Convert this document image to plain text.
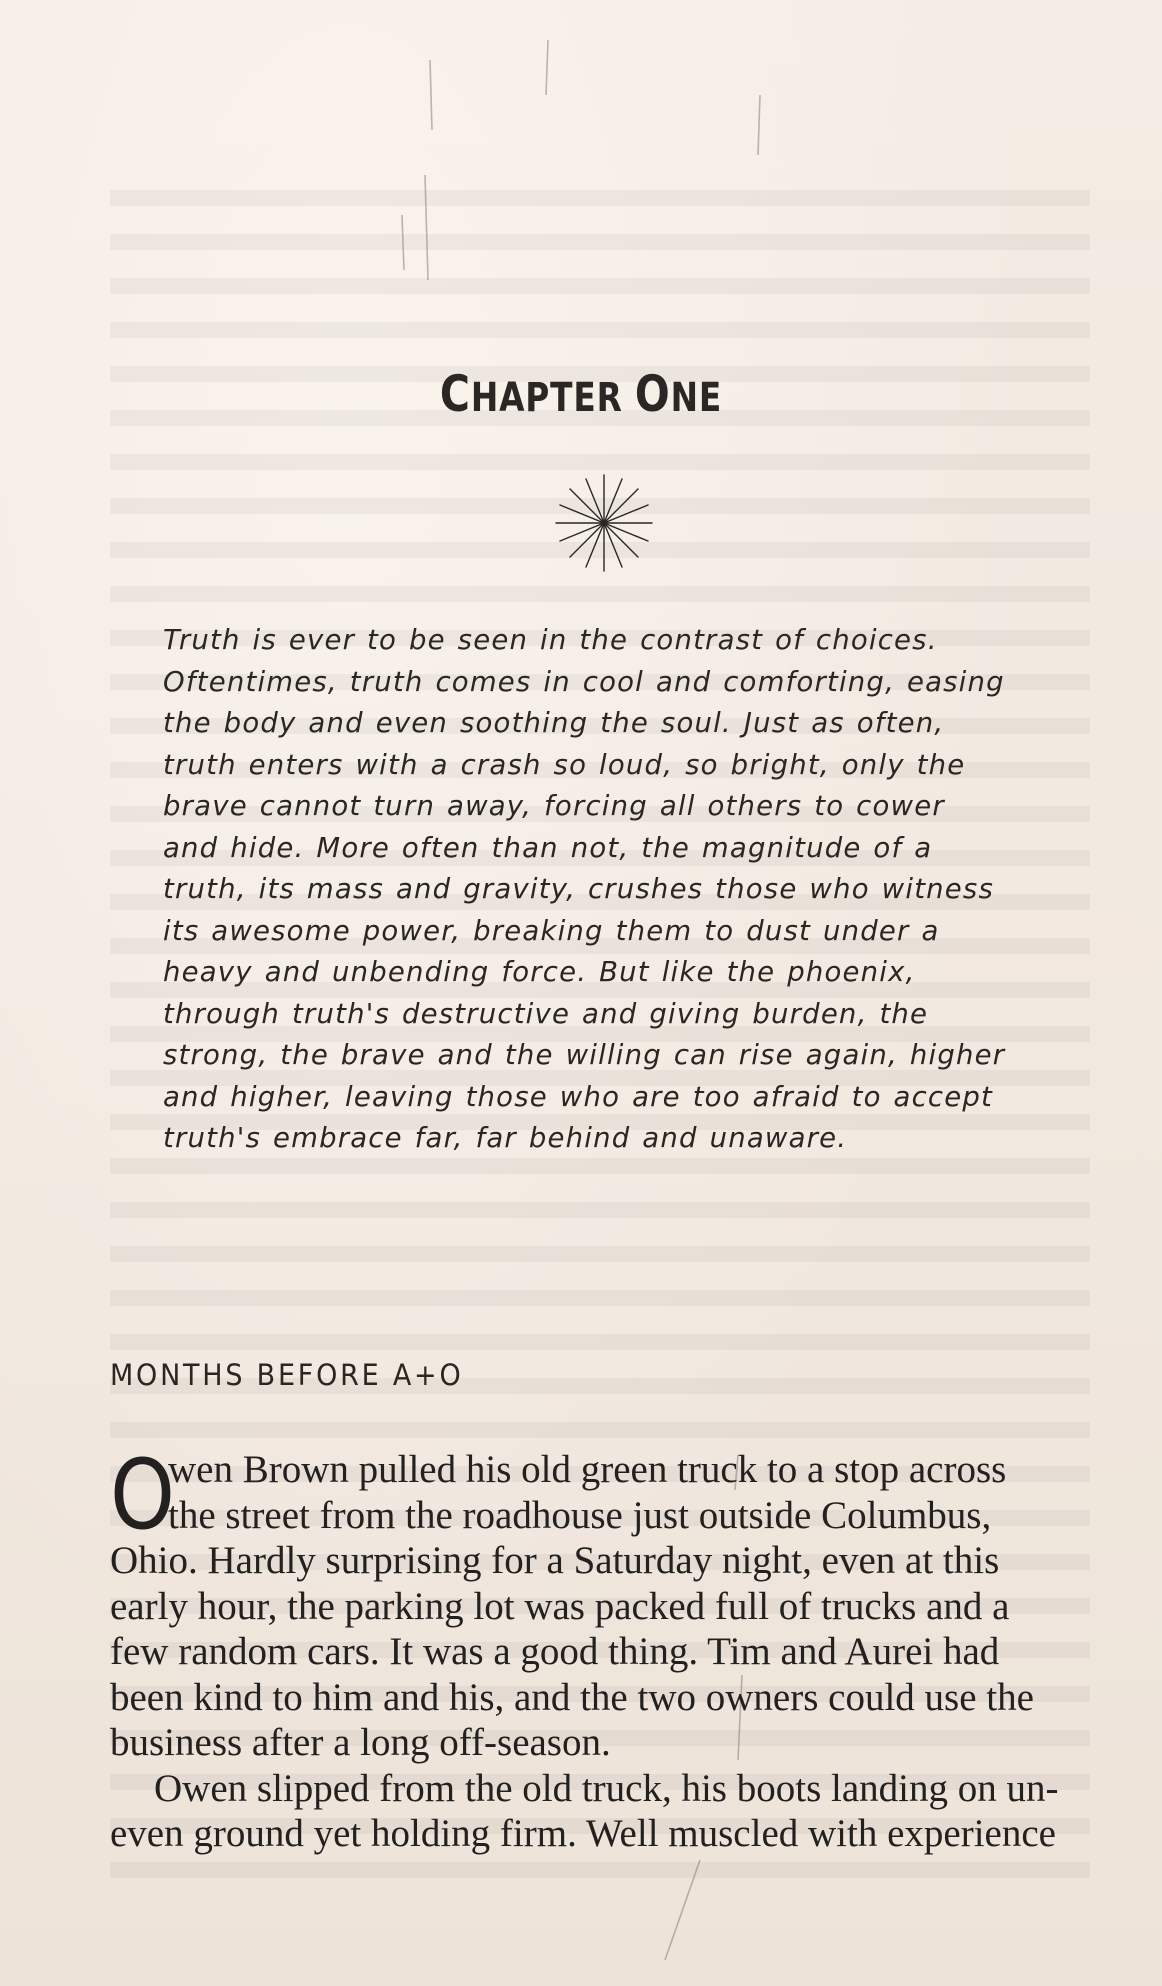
CHAPTER ONE
Truth is ever to be seen in the contrast of choices.
Oftentimes, truth comes in cool and comforting, easing
the body and even soothing the soul. Just as often,
truth enters with a crash so loud, so bright, only the
brave cannot turn away, forcing all others to cower
and hide. More often than not, the magnitude of a
truth, its mass and gravity, crushes those who witness
its awesome power, breaking them to dust under a
heavy and unbending force. But like the phoenix,
through truth's destructive and giving burden, the
strong, the brave and the willing can rise again, higher
and higher, leaving those who are too afraid to accept
truth's embrace far, far behind and unaware.
MONTHS BEFORE A+O
O
wen Brown pulled his old green truck to a stop across
the street from the roadhouse just outside Columbus,
Ohio. Hardly surprising for a Saturday night, even at this
early hour, the parking lot was packed full of trucks and a
few random cars. It was a good thing. Tim and Aurei had
been kind to him and his, and the two owners could use the
business after a long off-season.
Owen slipped from the old truck, his boots landing on un-
even ground yet holding firm. Well muscled with experience
